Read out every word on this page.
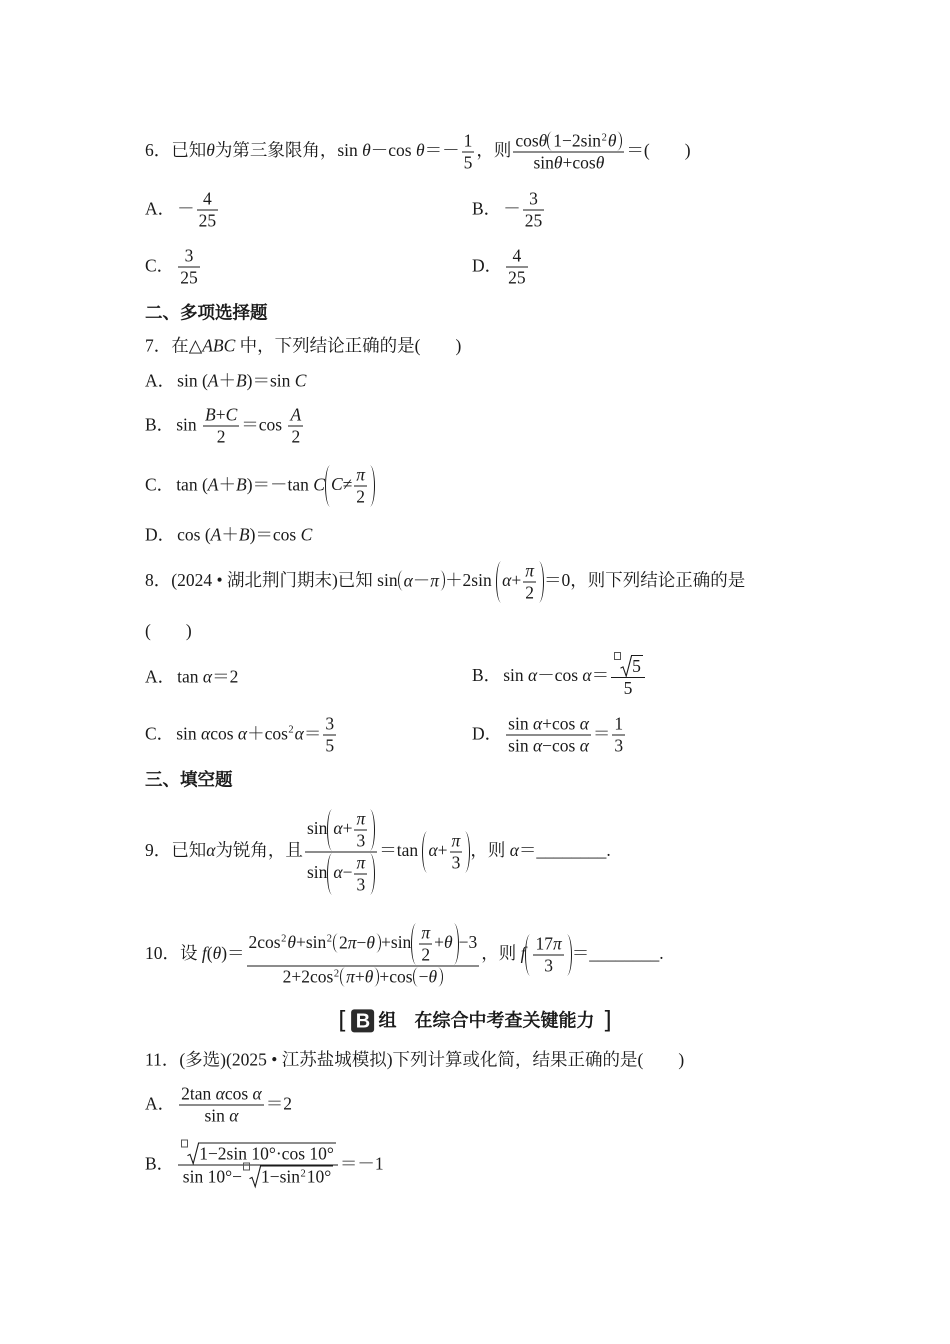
6．已知θ为第三象限角，sin θ－cos $\theta=- \frac{1}{5}$ ，则 $\frac{\cos\theta 1-2\sin^2\theta}{\sin\theta+\cos\theta}$ ＝(　　)
A． － $\frac{4}{25}$	B． － $\frac{3}{25}$
C． $\frac{3}{25}$	D． $\frac{4}{25}$
二、多项选择题
7．在△ABC 中，下列结论正确的是(　　)
A． sin (A＋B)＝sin C
B． $\sin \frac{B+C}{2} =\cos \frac{A}{2}$
C． tan (A＋B)＝－tan C $C\ne \frac{\pi}{2}$
D． cos (A＋B)＝cos C
8．(2024 • 湖北荆门期末)已知 sin α－π ＋2sin $\alpha+ \frac{\pi}{2} =0$，则下列结论正确的是
(　　)
A． tan α＝2	B． sin α－cos $\alpha= \frac{5}{5}$
C． sin αcos $\alpha+\cos^2\alpha= \frac{3}{5}$	D． $\frac{\text{sin α+cos α}}{\text{sin α−cos α}} = \frac{1}{3}$
三、填空题
9．已知α为锐角，且 $\frac{\sin \alpha+ \frac{\pi}{3}}{\sin \alpha- \frac{\pi}{3}} =\tan$ $\alpha+ \frac{\pi}{3}$ ，则 α＝________.
10．设 $f(\theta)= \frac{2\cos^2\theta+\sin^2 2\pi-\theta +\sin \frac{\pi}{2} +\theta -3}{2+2\cos^2 \pi+\theta +\cos -\theta}$ ，则 f $\frac{17\pi}{3}$ ＝________.
[ B 组 在综合中考查关键能力 ]
11．(多选)(2025 • 江苏盐城模拟)下列计算或化简，结果正确的是(　　)
A． $\frac{\text{2tan αcos α}}{\text{sin α}} =2$
B． $\frac{1-2\sin 10^\circ\cdot\cos 10^\circ}{\sin 10^\circ- 1-\sin^210^\circ} =-1$
